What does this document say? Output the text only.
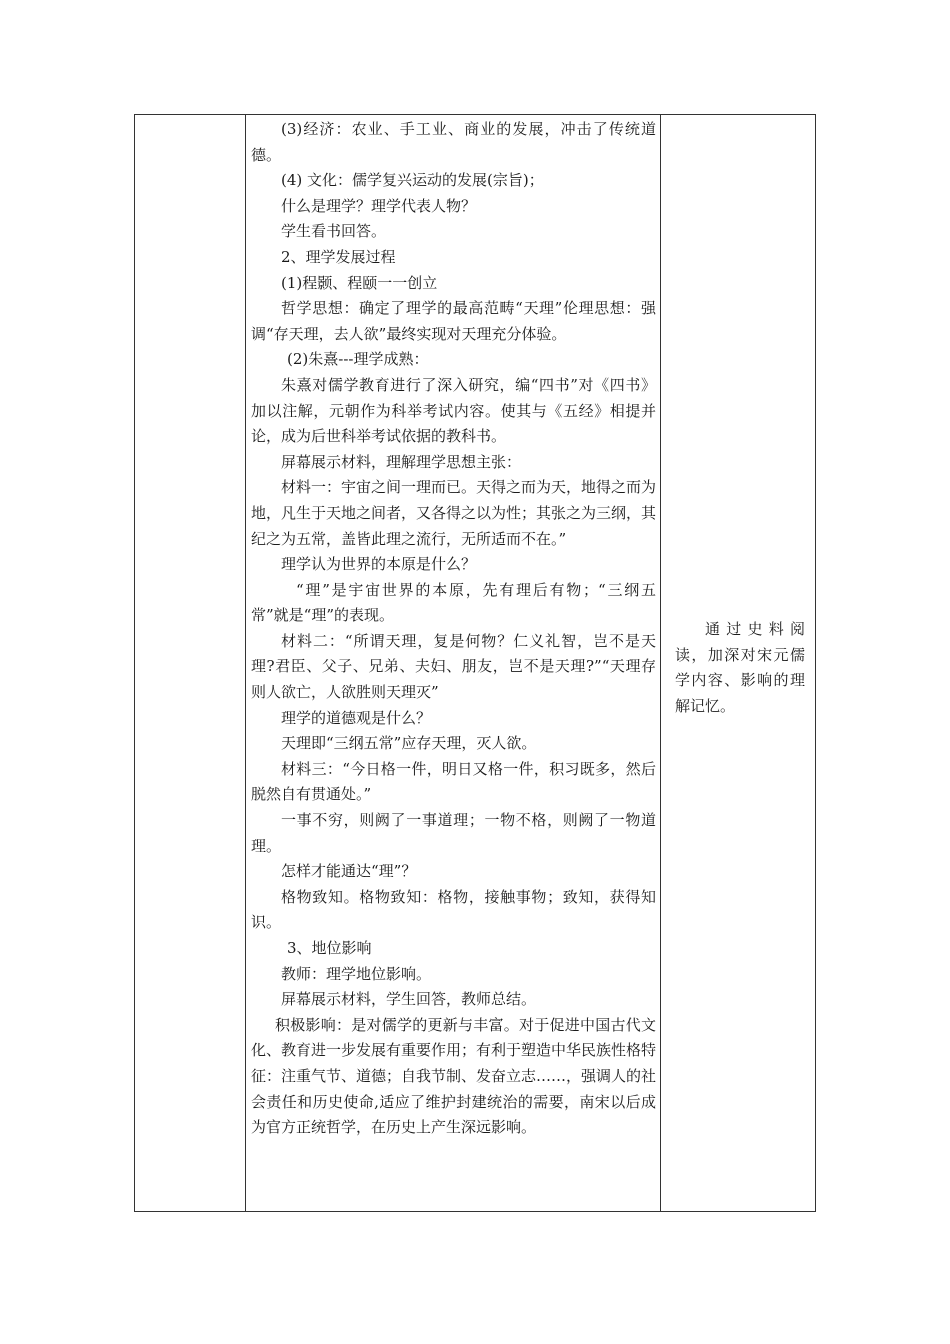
(3)经济：农业、手工业、商业的发展，冲击了传统道德。

(4) 文化：儒学复兴运动的发展(宗旨)；

什么是理学？理学代表人物？

学生看书回答。

2、理学发展过程

(1)程颢、程颐一一创立

哲学思想：确定了理学的最高范畴“天理”伦理思想：强调“存天理，去人欲”最终实现对天理充分体验。

(2)朱熹---理学成熟：

朱熹对儒学教育进行了深入研究，编“四书”对《四书》加以注解，元朝作为科举考试内容。使其与《五经》相提并论，成为后世科举考试依据的教科书。

屏幕展示材料，理解理学思想主张：

材料一：宇宙之间一理而已。天得之而为天，地得之而为地，凡生于天地之间者，又各得之以为性；其张之为三纲，其纪之为五常，盖皆此理之流行，无所适而不在。”

理学认为世界的本原是什么？

“理”是宇宙世界的本原，先有理后有物；“三纲五常”就是“理”的表现。

材料二：“所谓天理，复是何物？仁义礼智，岂不是天理?君臣、父子、兄弟、夫妇、朋友，岂不是天理?”“天理存则人欲亡，人欲胜则天理灭”

理学的道德观是什么？

天理即“三纲五常”应存天理，灭人欲。

材料三：“今日格一件，明日又格一件，积习既多，然后脱然自有贯通处。”

一事不穷，则阙了一事道理；一物不格，则阙了一物道理。

怎样才能通达“理”？

格物致知。格物致知：格物，接触事物；致知，获得知识。

3、地位影响

教师：理学地位影响。

屏幕展示材料，学生回答，教师总结。

积极影响：是对儒学的更新与丰富。对于促进中国古代文化、教育进一步发展有重要作用；有利于塑造中华民族性格特征：注重气节、道德；自我节制、发奋立志……，强调人的社会责任和历史使命,适应了维护封建统治的需要，南宋以后成为官方正统哲学，在历史上产生深远影响。

通过史料阅读，加深对宋元儒学内容、影响的理解记忆。
